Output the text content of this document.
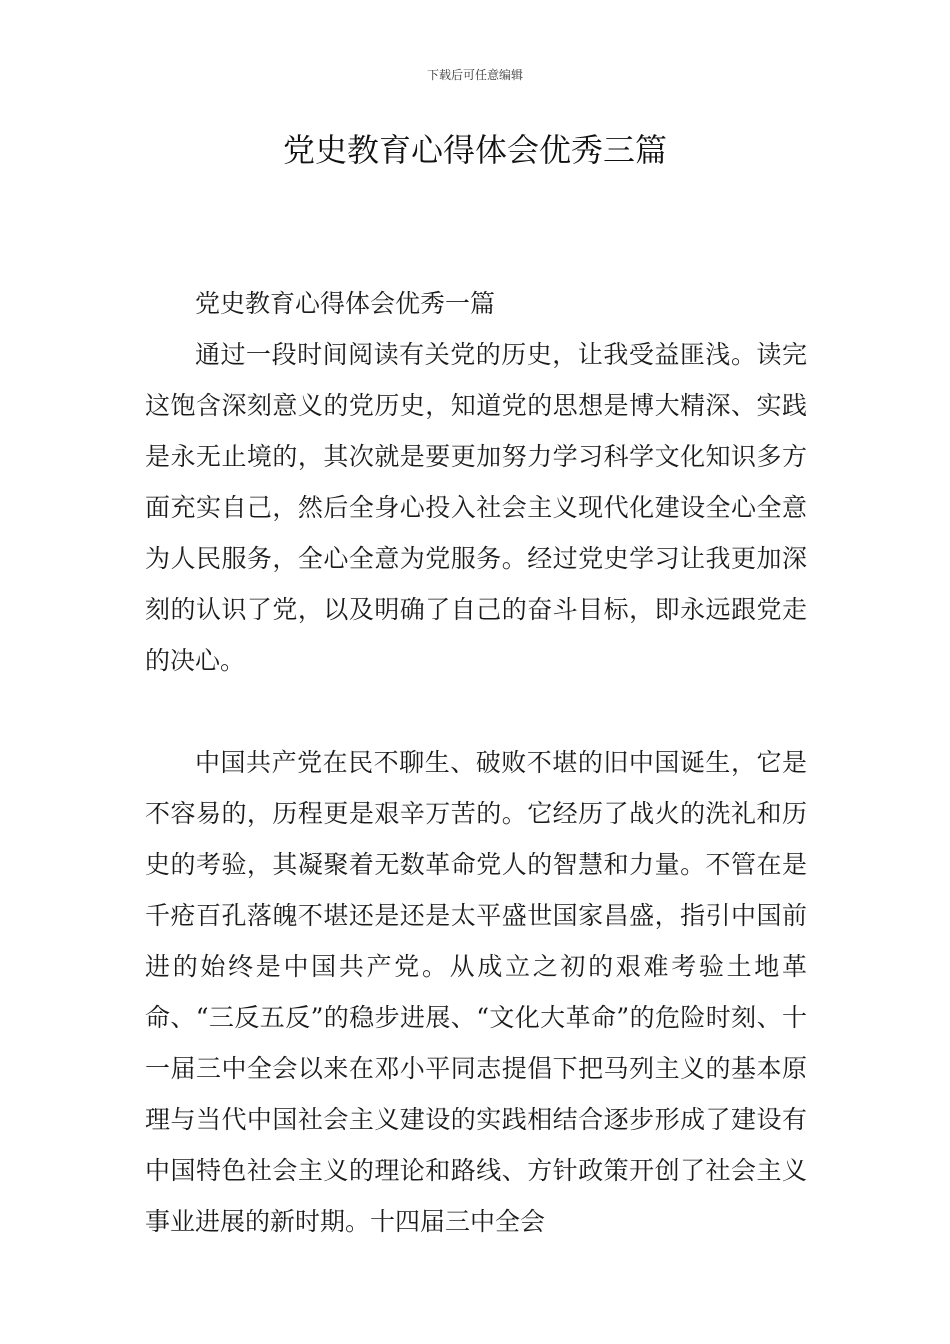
下载后可任意编辑
党史教育心得体会优秀三篇
党史教育心得体会优秀一篇

通过一段时间阅读有关党的历史，让我受益匪浅。读完这饱含深刻意义的党历史，知道党的思想是博大精深、实践是永无止境的，其次就是要更加努力学习科学文化知识多方面充实自己，然后全身心投入社会主义现代化建设全心全意为人民服务，全心全意为党服务。经过党史学习让我更加深刻的认识了党，以及明确了自己的奋斗目标，即永远跟党走的决心。

中国共产党在民不聊生、破败不堪的旧中国诞生，它是不容易的，历程更是艰辛万苦的。它经历了战火的洗礼和历史的考验，其凝聚着无数革命党人的智慧和力量。不管在是千疮百孔落魄不堪还是还是太平盛世国家昌盛，指引中国前进的始终是中国共产党。从成立之初的艰难考验土地革命、“三反五反”的稳步进展、“文化大革命”的危险时刻、十一届三中全会以来在邓小平同志提倡下把马列主义的基本原理与当代中国社会主义建设的实践相结合逐步形成了建设有中国特色社会主义的理论和路线、方针政策开创了社会主义事业进展的新时期。十四届三中全会
